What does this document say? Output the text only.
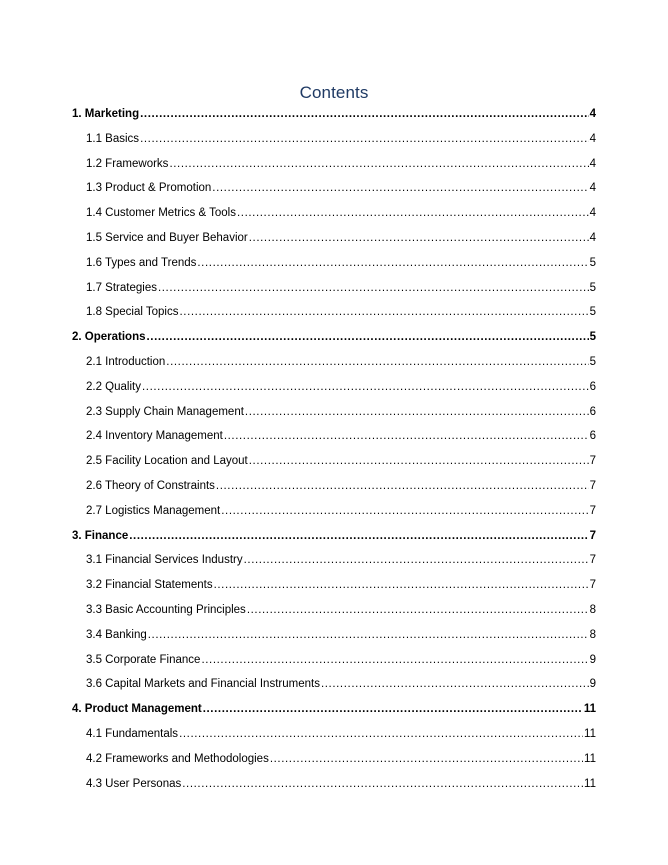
Contents
1. Marketing .....	4
1.1 Basics .....	4
1.2 Frameworks .....	4
1.3 Product & Promotion .....	4
1.4 Customer Metrics & Tools .....	4
1.5 Service and Buyer Behavior .....	4
1.6 Types and Trends .....	5
1.7 Strategies .....	5
1.8 Special Topics .....	5
2. Operations .....	5
2.1 Introduction .....	5
2.2 Quality .....	6
2.3 Supply Chain Management .....	6
2.4 Inventory Management .....	6
2.5 Facility Location and Layout .....	7
2.6 Theory of Constraints .....	7
2.7 Logistics Management .....	7
3. Finance .....	7
3.1 Financial Services Industry .....	7
3.2 Financial Statements .....	7
3.3 Basic Accounting Principles .....	8
3.4 Banking .....	8
3.5 Corporate Finance .....	9
3.6 Capital Markets and Financial Instruments .....	9
4. Product Management .....	11
4.1 Fundamentals .....	11
4.2 Frameworks and Methodologies .....	11
4.3 User Personas .....	11
